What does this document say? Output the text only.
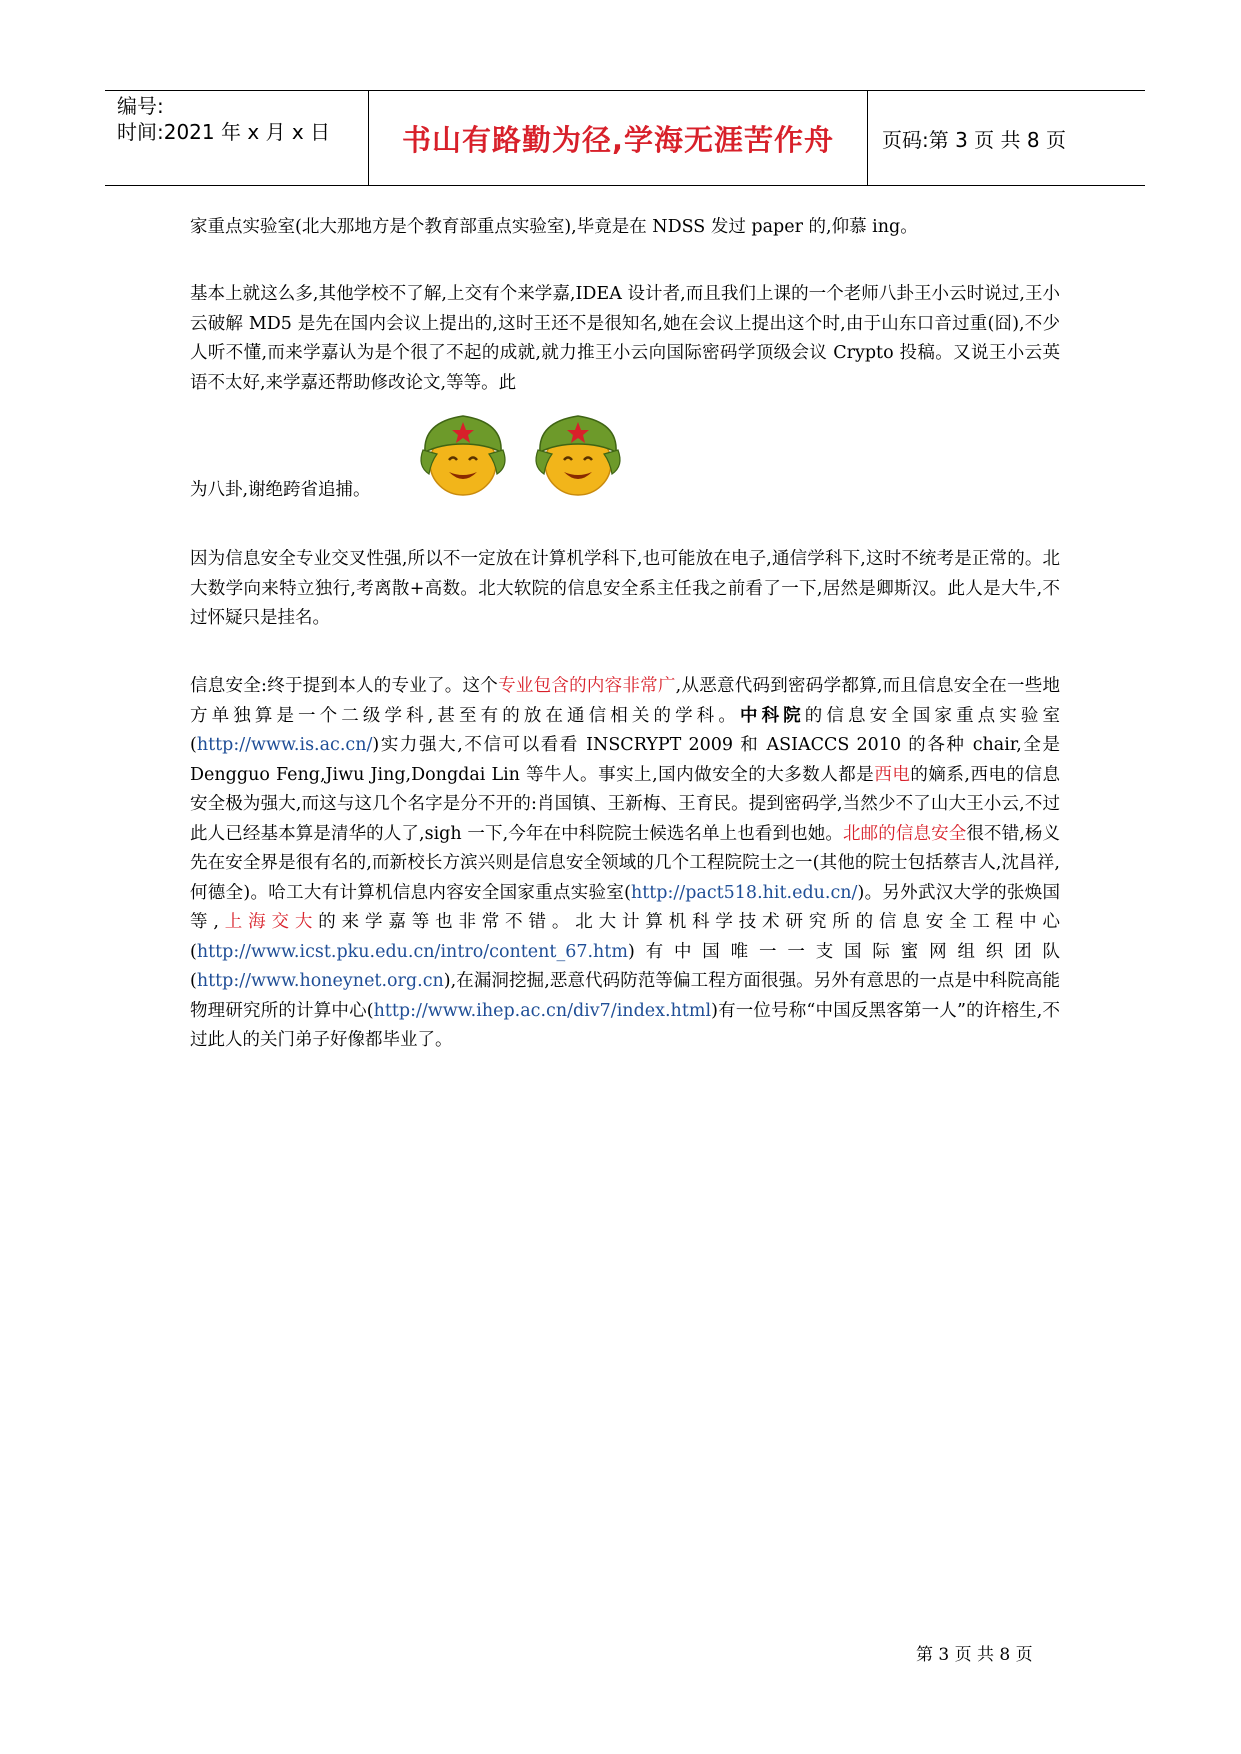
编号:
时间:2021 年 x 月 x 日 书山有路勤为径,学海无涯苦作舟	页码:第 3 页 共 8 页
家重点实验室(北大那地方是个教育部重点实验室),毕竟是在 NDSS 发过 paper 的,仰慕 ing。
基本上就这么多,其他学校不了解,上交有个来学嘉,IDEA 设计者,而且我们上课的一个老师八卦王小云时说过,王小云破解 MD5 是先在国内会议上提出的,这时王还不是很知名,她在会议上提出这个时,由于山东口音过重(囧),不少人听不懂,而来学嘉认为是个很了不起的成就,就力推王小云向国际密码学顶级会议 Crypto 投稿。又说王小云英语不太好,来学嘉还帮助修改论文,等等。此
为八卦,谢绝跨省追捕。
因为信息安全专业交叉性强,所以不一定放在计算机学科下,也可能放在电子,通信学科下,这时不统考是正常的。北大数学向来特立独行,考离散+高数。北大软院的信息安全系主任我之前看了一下,居然是卿斯汉。此人是大牛,不过怀疑只是挂名。
信息安全:终于提到本人的专业了。这个专业包含的内容非常广,从恶意代码到密码学都算,而且信息安全在一些地方单独算是一个二级学科,甚至有的放在通信相关的学科。中科院的信息安全国家重点实验室(http://www.is.ac.cn/)实力强大,不信可以看看 INSCRYPT 2009 和 ASIACCS 2010 的各种 chair,全是 Dengguo Feng,Jiwu Jing,Dongdai Lin 等牛人。事实上,国内做安全的大多数人都是西电的嫡系,西电的信息安全极为强大,而这与这几个名字是分不开的:肖国镇、王新梅、王育民。提到密码学,当然少不了山大王小云,不过此人已经基本算是清华的人了,sigh 一下,今年在中科院院士候选名单上也看到也她。北邮的信息安全很不错,杨义先在安全界是很有名的,而新校长方滨兴则是信息安全领域的几个工程院院士之一(其他的院士包括蔡吉人,沈昌祥,何德全)。哈工大有计算机信息内容安全国家重点实验室(http://pact518.hit.edu.cn/)。另外武汉大学的张焕国等,上海交大的来学嘉等也非常不错。北大计算机科学技术研究所的信息安全工程中心(http://www.icst.pku.edu.cn/intro/content_67.htm)有中国唯一一支国际蜜网组织团队(http://www.honeynet.org.cn),在漏洞挖掘,恶意代码防范等偏工程方面很强。另外有意思的一点是中科院高能物理研究所的计算中心(http://www.ihep.ac.cn/div7/index.html)有一位号称“中国反黑客第一人”的许榕生,不过此人的关门弟子好像都毕业了。
第 3 页 共 8 页
